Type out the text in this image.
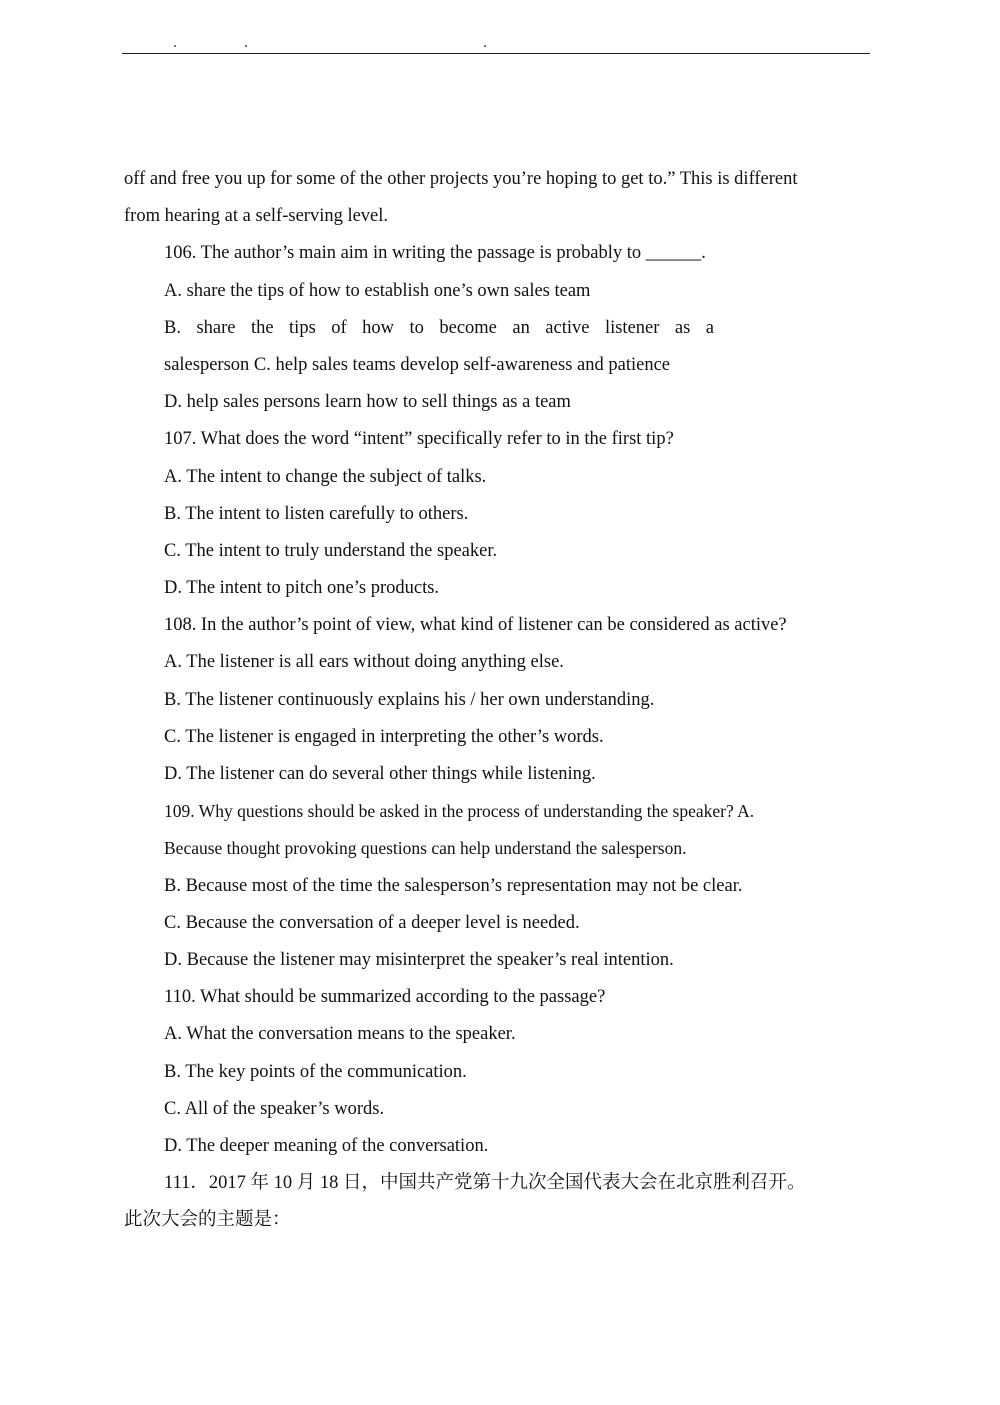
off and free you up for some of the other projects you’re hoping to get to.” This is different
from hearing at a self-serving level.
106. The author’s main aim in writing the passage is probably to ______.
A. share the tips of how to establish one’s own sales team
B. share the tips of how to become an active listener as a
salesperson C. help sales teams develop self-awareness and patience
D. help sales persons learn how to sell things as a team
107. What does the word “intent” specifically refer to in the first tip?
A. The intent to change the subject of talks.
B. The intent to listen carefully to others.
C. The intent to truly understand the speaker.
D. The intent to pitch one’s products.
108. In the author’s point of view, what kind of listener can be considered as active?
A. The listener is all ears without doing anything else.
B. The listener continuously explains his / her own understanding.
C. The listener is engaged in interpreting the other’s words.
D. The listener can do several other things while listening.
109. Why questions should be asked in the process of understanding the speaker? A.
Because thought provoking questions can help understand the salesperson.
B. Because most of the time the salesperson’s representation may not be clear.
C. Because the conversation of a deeper level is needed.
D. Because the listener may misinterpret the speaker’s real intention.
110. What should be summarized according to the passage?
A. What the conversation means to the speaker.
B. The key points of the communication.
C. All of the speaker’s words.
D. The deeper meaning of the conversation.
111．2017 年 10 月 18 日，中国共产党第十九次全国代表大会在北京胜利召开。
此次大会的主题是：
